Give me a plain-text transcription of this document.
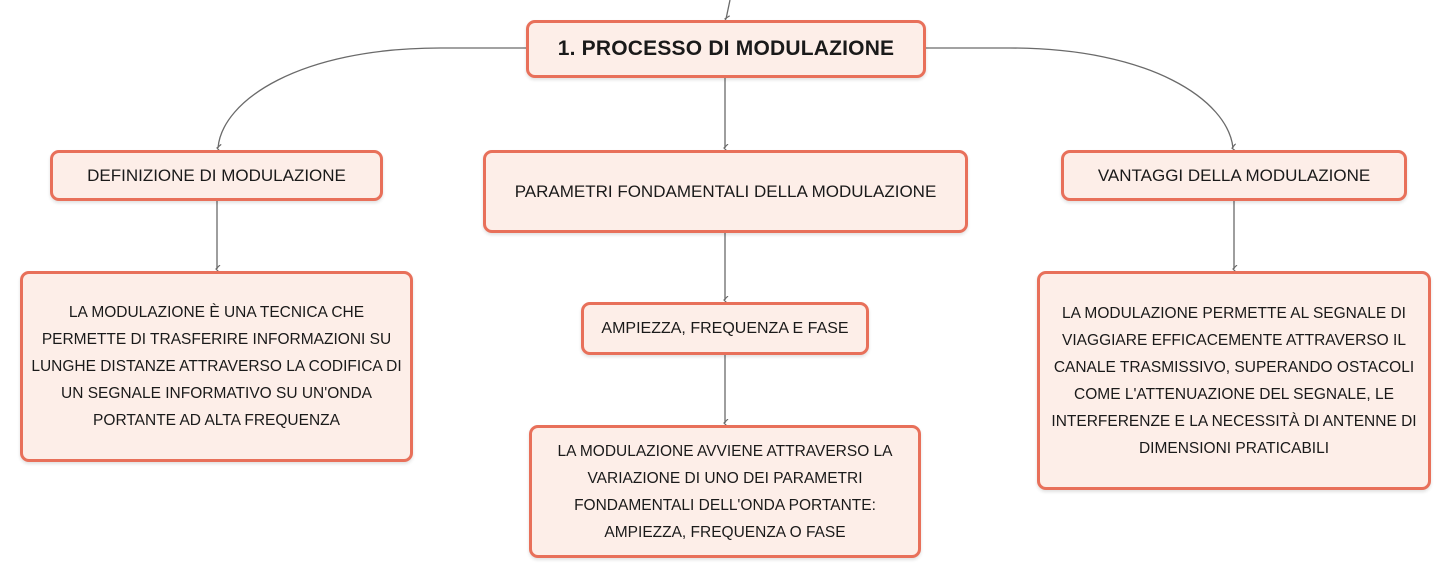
1. PROCESSO DI MODULAZIONE
DEFINIZIONE DI MODULAZIONE
PARAMETRI FONDAMENTALI DELLA MODULAZIONE
VANTAGGI DELLA MODULAZIONE
AMPIEZZA, FREQUENZA E FASE
LA MODULAZIONE È UNA TECNICA CHE PERMETTE DI TRASFERIRE INFORMAZIONI SU LUNGHE DISTANZE ATTRAVERSO LA CODIFICA DI UN SEGNALE INFORMATIVO SU UN'ONDA PORTANTE AD ALTA FREQUENZA
LA MODULAZIONE AVVIENE ATTRAVERSO LA VARIAZIONE DI UNO DEI PARAMETRI FONDAMENTALI DELL'ONDA PORTANTE: AMPIEZZA, FREQUENZA O FASE
LA MODULAZIONE PERMETTE AL SEGNALE DI VIAGGIARE EFFICACEMENTE ATTRAVERSO IL CANALE TRASMISSIVO, SUPERANDO OSTACOLI COME L'ATTENUAZIONE DEL SEGNALE, LE INTERFERENZE E LA NECESSITÀ DI ANTENNE DI DIMENSIONI PRATICABILI
